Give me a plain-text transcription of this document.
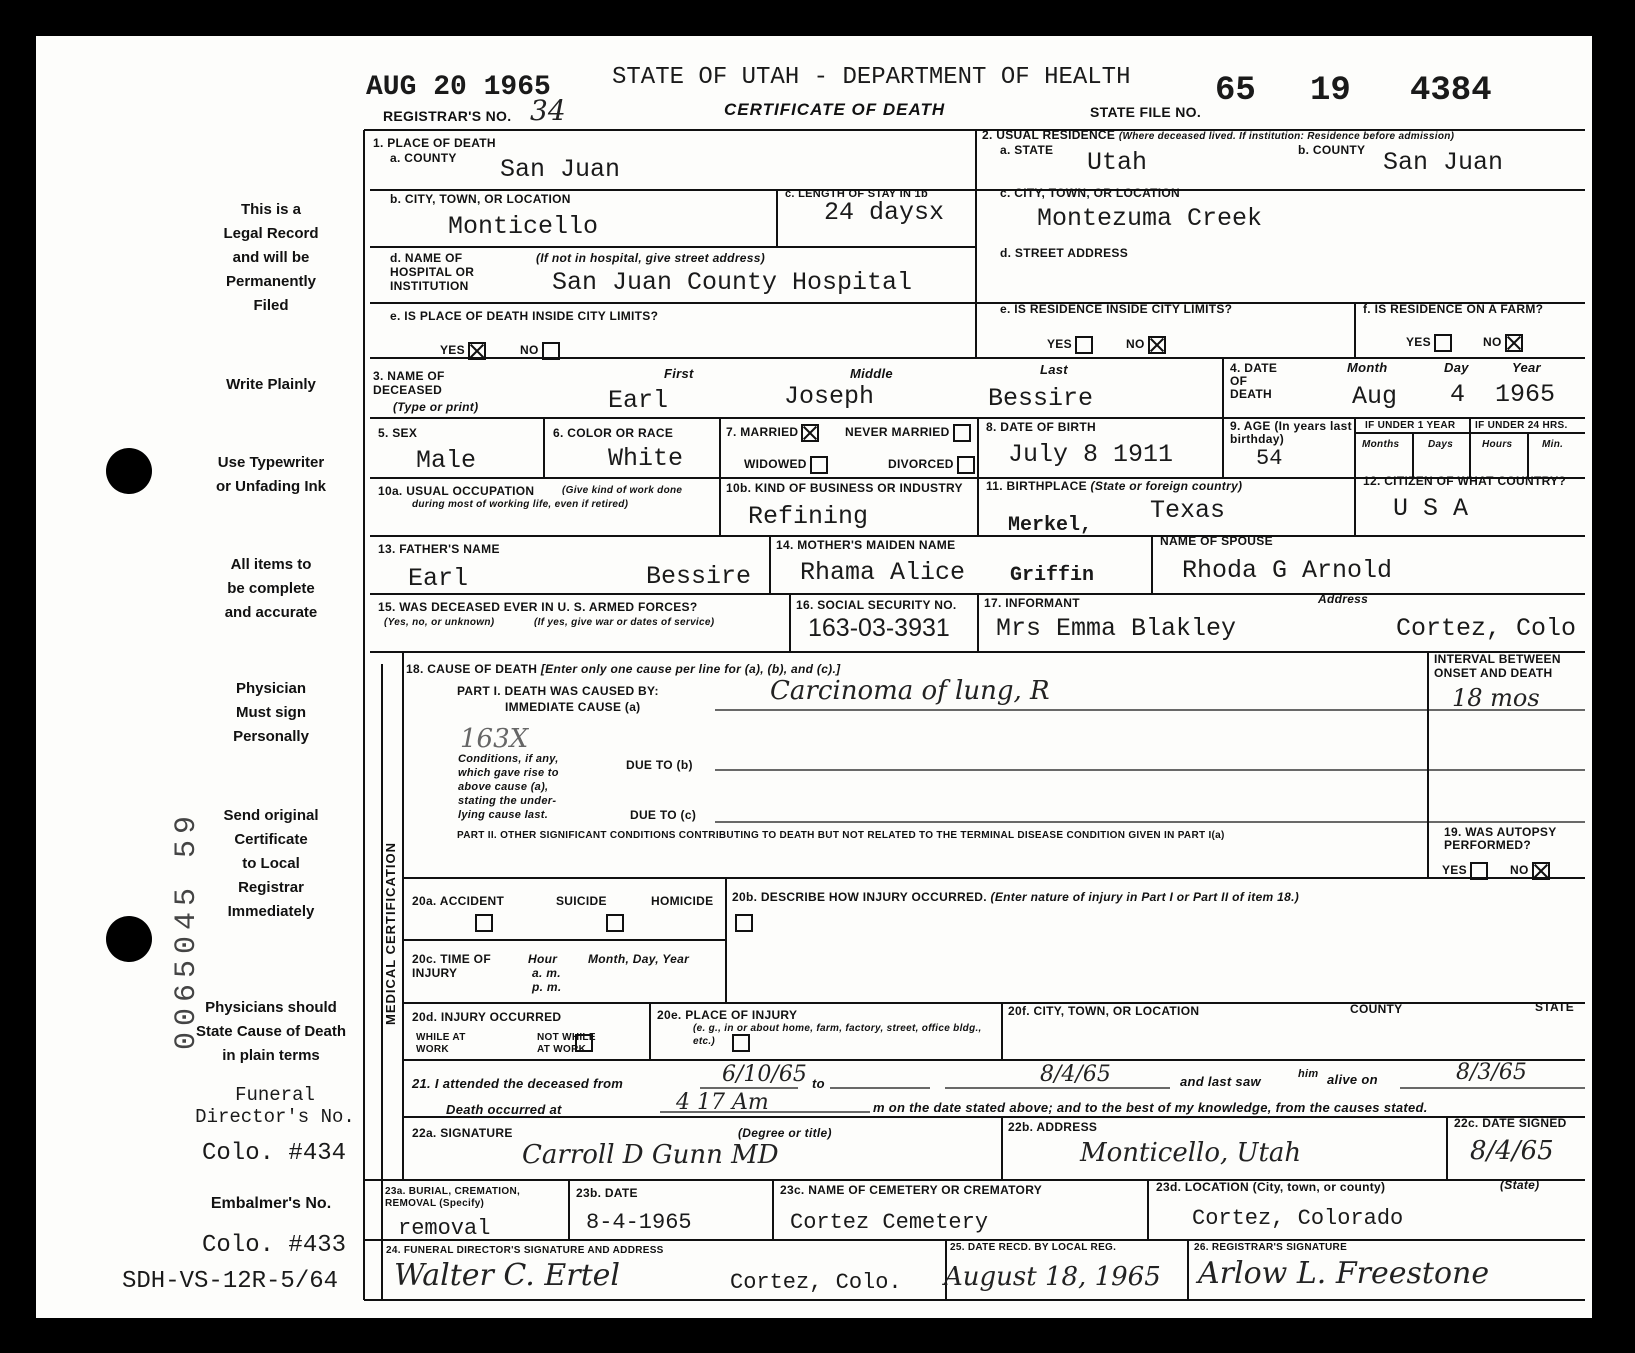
AUG 20 1965
REGISTRAR'S NO. 34
STATE OF UTAH - DEPARTMENT OF HEALTH
CERTIFICATE OF DEATH	STATE FILE NO.
65 19 4384
This is a
Legal Record
and will be
Permanently
Filed
Write Plainly
Use Typewriter
or Unfading Ink
All items to
be complete
and accurate
Physician
Must sign
Personally
Send original
Certificate
to Local
Registrar
Immediately
Physicians should
State Cause of Death
in plain terms
Funeral
Director's No.
Colo. #434
Embalmer's No.
Colo. #433
SDH-VS-12R-5/64
0065045 59
1. PLACE OF DEATH
a. COUNTY San Juan
b. CITY, TOWN, OR LOCATION
Monticello
c. LENGTH OF STAY IN 1b
24 daysx
d. NAME OF HOSPITAL OR INSTITUTION
(If not in hospital, give street address)
San Juan County Hospital
e. IS PLACE OF DEATH INSIDE CITY LIMITS?
YES	NO
2. USUAL RESIDENCE (Where deceased lived. If institution: Residence before admission)
a. STATE Utah	b. COUNTY San Juan
c. CITY, TOWN, OR LOCATION
Montezuma Creek
d. STREET ADDRESS
e. IS RESIDENCE INSIDE CITY LIMITS?
YES	NO
f. IS RESIDENCE ON A FARM?
YES	NO
3. NAME OF DECEASED
(Type or print)
First	Middle	Last
Earl	Joseph	Bessire
4. DATE OF DEATH
Month	Day	Year
Aug 4 1965
5. SEX
Male
6. COLOR OR RACE
White
7. MARRIED	NEVER MARRIED
WIDOWED	DIVORCED
8. DATE OF BIRTH
July 8 1911
9. AGE (In years last birthday)
54
IF UNDER 1 YEAR IF UNDER 24 HRS.
Months	Days	Hours	Min.
10a. USUAL OCCUPATION	(Give kind of work done during most of working life, even if retired)
10b. KIND OF BUSINESS OR INDUSTRY
Refining
11. BIRTHPLACE (State or foreign country)
Merkel,
Texas
12. CITIZEN OF WHAT COUNTRY?
U S A
13. FATHER'S NAME
Earl	Bessire
14. MOTHER'S MAIDEN NAME
Rhama Alice Griffin
NAME OF SPOUSE
Rhoda G Arnold
15. WAS DECEASED EVER IN U. S. ARMED FORCES?
(Yes, no, or unknown)	(If yes, give war or dates of service)
16. SOCIAL SECURITY NO.
163-03-3931
17. INFORMANT	Address
Mrs Emma Blakley	Cortez, Colo
MEDICAL CERTIFICATION
18. CAUSE OF DEATH [Enter only one cause per line for (a), (b), and (c).]
INTERVAL BETWEEN ONSET AND DEATH
PART I. DEATH WAS CAUSED BY:
IMMEDIATE CAUSE (a)
Carcinoma of lung, R	18 mos
163X
Conditions, if any,
which gave rise to
above cause (a),
stating the under-
lying cause last.
DUE TO (b)
DUE TO (c)
PART II. OTHER SIGNIFICANT CONDITIONS CONTRIBUTING TO DEATH BUT NOT RELATED TO THE TERMINAL DISEASE CONDITION GIVEN IN PART I(a)	19. WAS AUTOPSY PERFORMED?
YES	NO
20a. ACCIDENT	SUICIDE	HOMICIDE
20b. DESCRIBE HOW INJURY OCCURRED. (Enter nature of injury in Part I or Part II of item 18.)
20c. TIME OF INJURY
Hour
a. m.
p. m.
Month, Day, Year
20d. INJURY OCCURRED
WHILE AT WORK

NOT WHILE AT WORK
20e. PLACE OF INJURY
(e. g., in or about home, farm, factory, street, office bldg., etc.)
20f. CITY, TOWN, OR LOCATION	COUNTY	STATE
21. I attended the deceased from	6/10/65 to	8/4/65	and last saw	him alive on	8/3/65
Death occurred at	4 17 Am	m on the date stated above; and to the best of my knowledge, from the causes stated.
22a. SIGNATURE	(Degree or title)
Carroll D Gunn MD
22b. ADDRESS
Monticello, Utah
22c. DATE SIGNED
8/4/65
23a. BURIAL, CREMATION, REMOVAL (Specify)
removal
23b. DATE
8-4-1965
23c. NAME OF CEMETERY OR CREMATORY
Cortez Cemetery
23d. LOCATION (City, town, or county)	(State)
Cortez, Colorado
24. FUNERAL DIRECTOR'S SIGNATURE AND ADDRESS
Walter C. Ertel	Cortez, Colo.
25. DATE RECD. BY LOCAL REG.
August 18, 1965
26. REGISTRAR'S SIGNATURE
Arlow L. Freestone
